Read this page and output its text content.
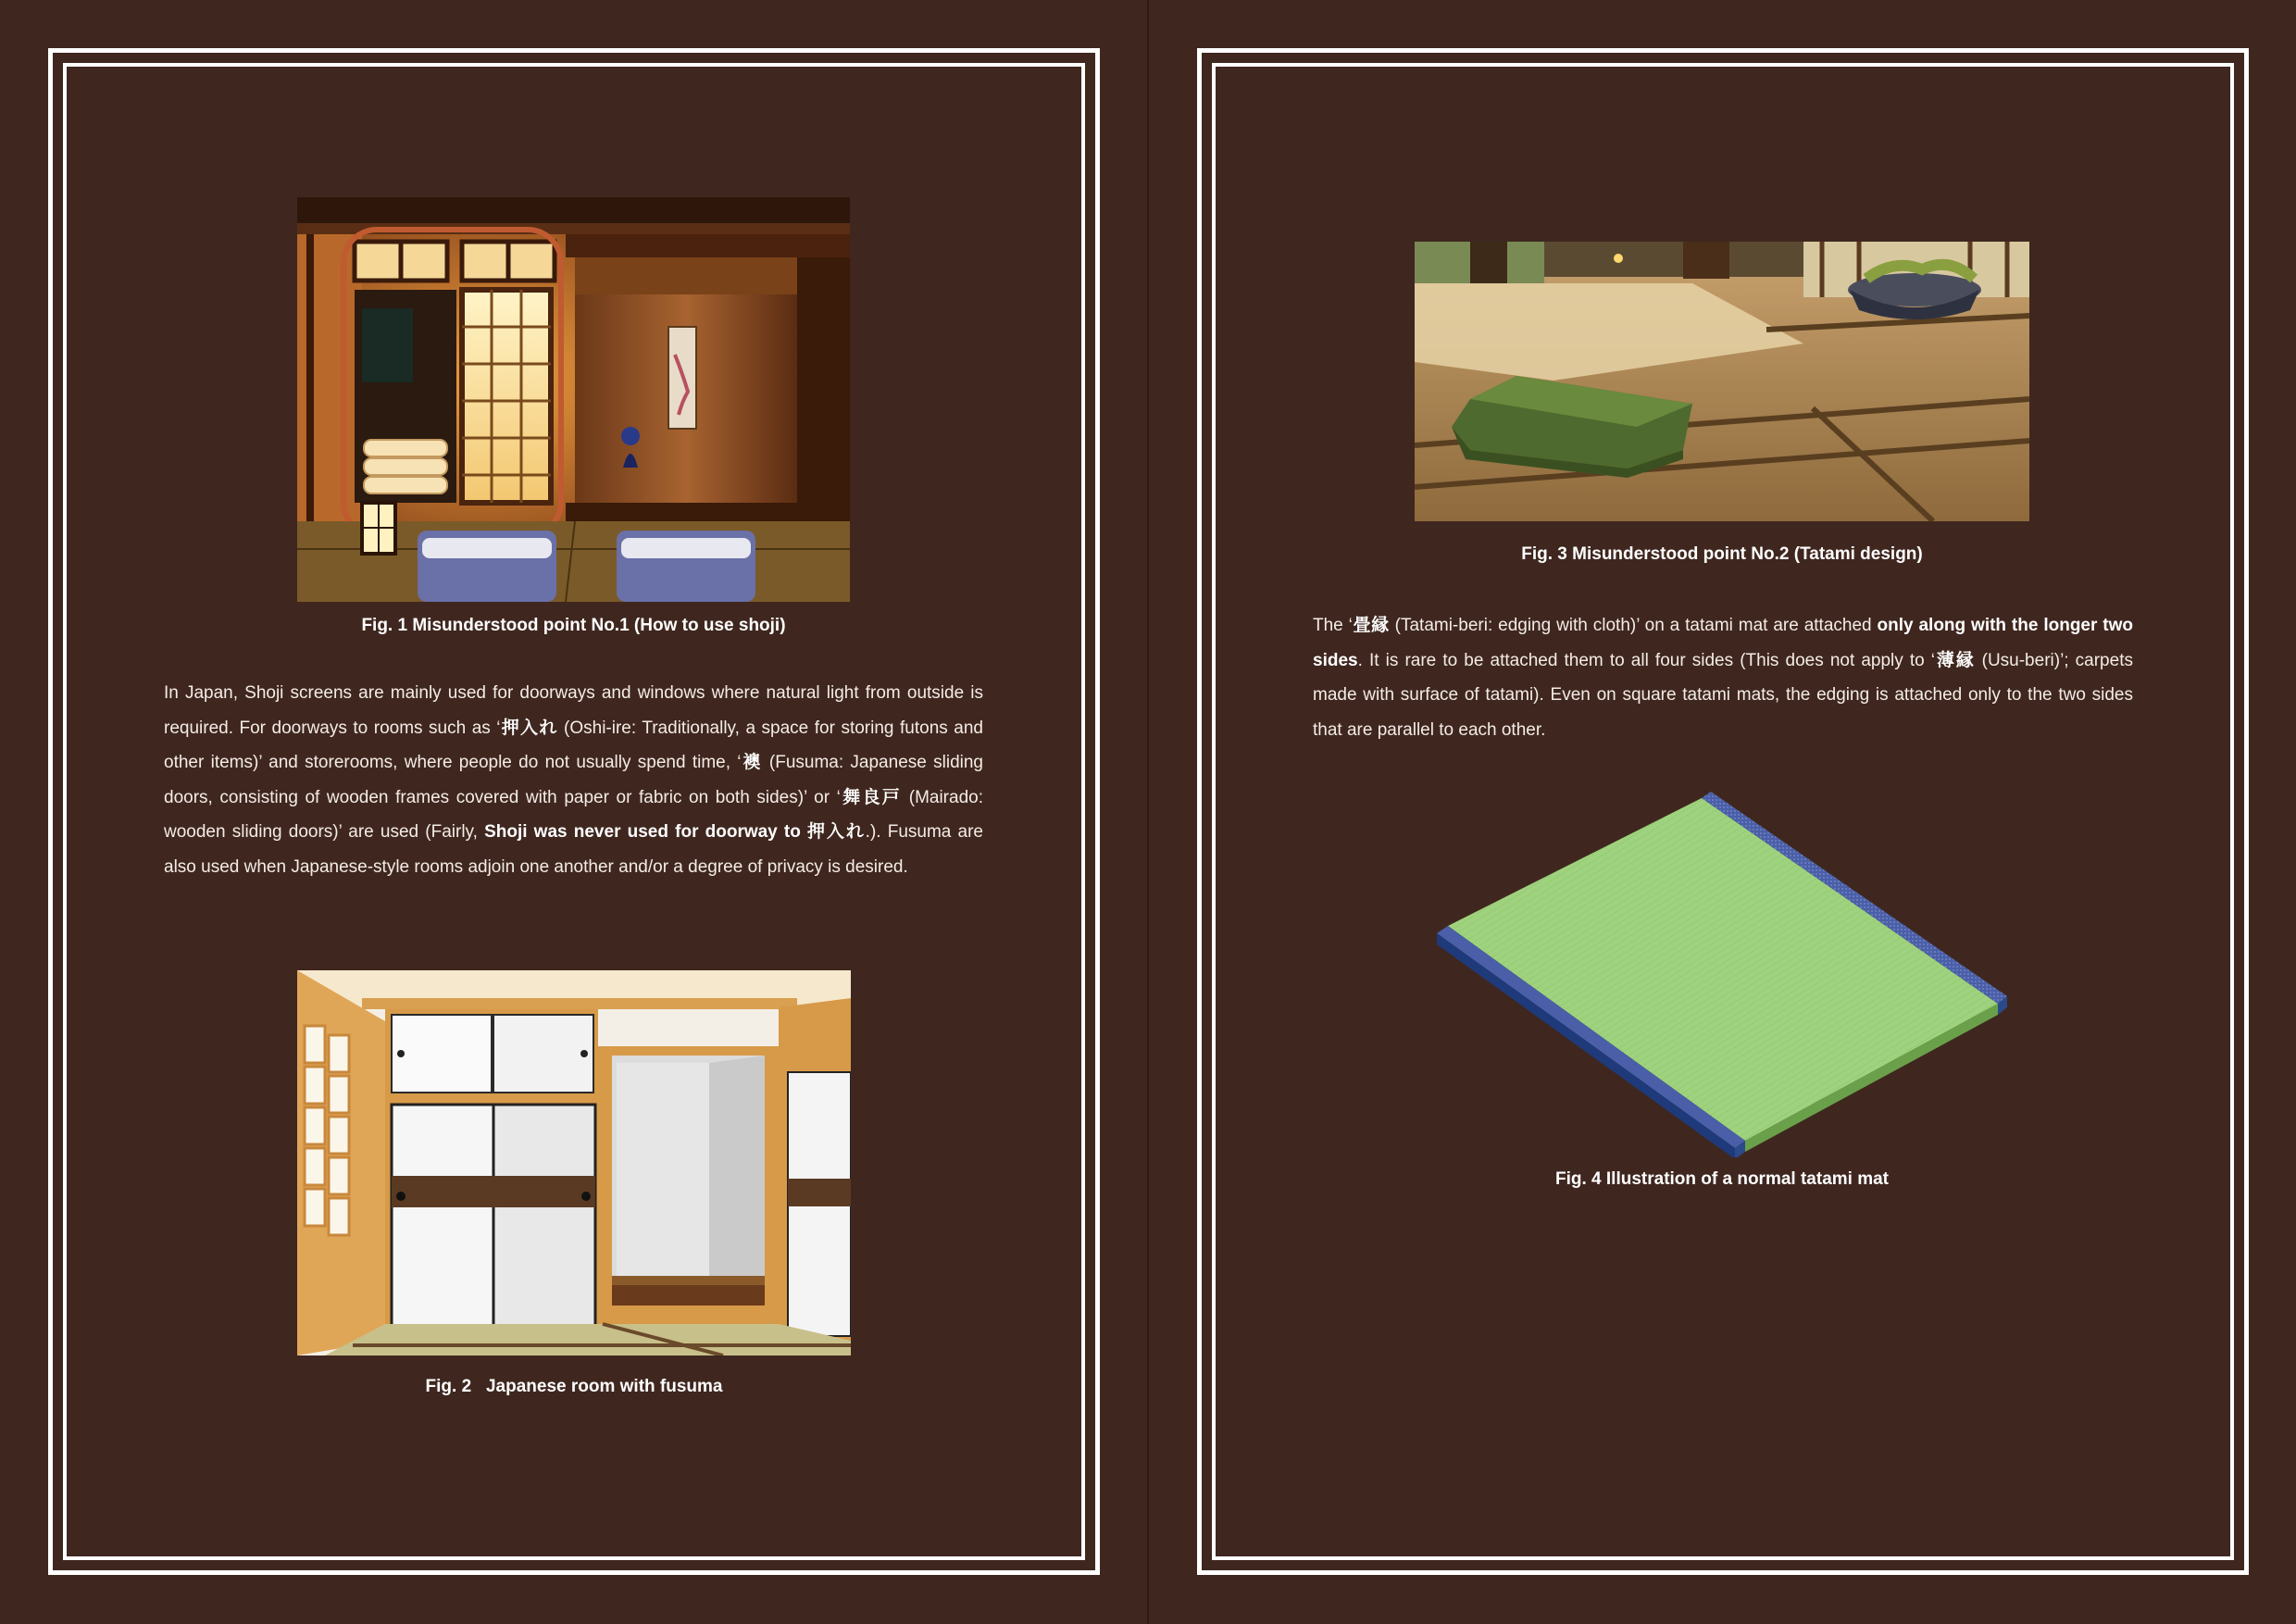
Fig. 1 Misunderstood point No.1 (How to use shoji)
In Japan, Shoji screens are mainly used for doorways and windows where natural light from outside is required. For doorways to rooms such as ‘押入れ (Oshi-ire: Traditionally, a space for storing futons and other items)’ and storerooms, where people do not usually spend time, ‘襖 (Fusuma: Japanese sliding doors, consisting of wooden frames covered with paper or fabric on both sides)’ or ‘舞良戸 (Mairado: wooden sliding doors)’ are used (Fairly, Shoji was never used for doorway to 押入れ.). Fusuma are also used when Japanese-style rooms adjoin one another and/or a degree of privacy is desired.
Fig. 2   Japanese room with fusuma
Fig. 3 Misunderstood point No.2 (Tatami design)
The ‘畳縁 (Tatami-beri: edging with cloth)’ on a tatami mat are attached only along with the longer two sides. It is rare to be attached them to all four sides (This does not apply to ‘薄縁 (Usu-beri)’; carpets made with surface of tatami). Even on square tatami mats, the edging is attached only to the two sides that are parallel to each other.
Fig. 4 Illustration of a normal tatami mat
